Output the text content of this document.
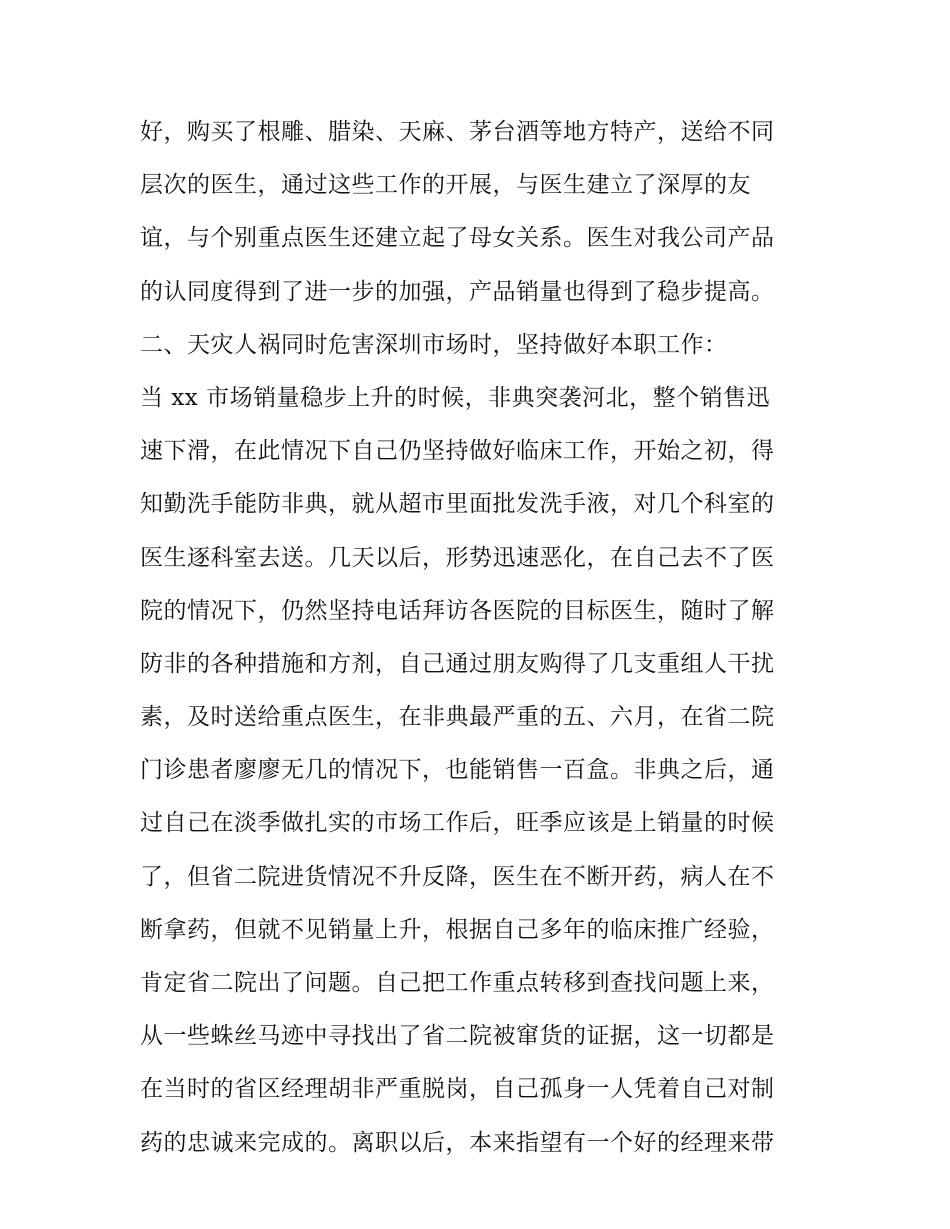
好，购买了根雕、腊染、天麻、茅台酒等地方特产，送给不同
层次的医生，通过这些工作的开展，与医生建立了深厚的友
谊，与个别重点医生还建立起了母女关系。医生对我公司产品
的认同度得到了进一步的加强，产品销量也得到了稳步提高。
二、天灾人祸同时危害深圳市场时，坚持做好本职工作：
当 xx 市场销量稳步上升的时候，非典突袭河北，整个销售迅
速下滑，在此情况下自己仍坚持做好临床工作，开始之初，得
知勤洗手能防非典，就从超市里面批发洗手液，对几个科室的
医生逐科室去送。几天以后，形势迅速恶化，在自己去不了医
院的情况下，仍然坚持电话拜访各医院的目标医生，随时了解
防非的各种措施和方剂，自己通过朋友购得了几支重组人干扰
素，及时送给重点医生，在非典最严重的五、六月，在省二院
门诊患者廖廖无几的情况下，也能销售一百盒。非典之后，通
过自己在淡季做扎实的市场工作后，旺季应该是上销量的时候
了，但省二院进货情况不升反降，医生在不断开药，病人在不
断拿药，但就不见销量上升，根据自己多年的临床推广经验，
肯定省二院出了问题。自己把工作重点转移到查找问题上来，
从一些蛛丝马迹中寻找出了省二院被窜货的证据，这一切都是
在当时的省区经理胡非严重脱岗，自己孤身一人凭着自己对制
药的忠诚来完成的。离职以后，本来指望有一个好的经理来带
